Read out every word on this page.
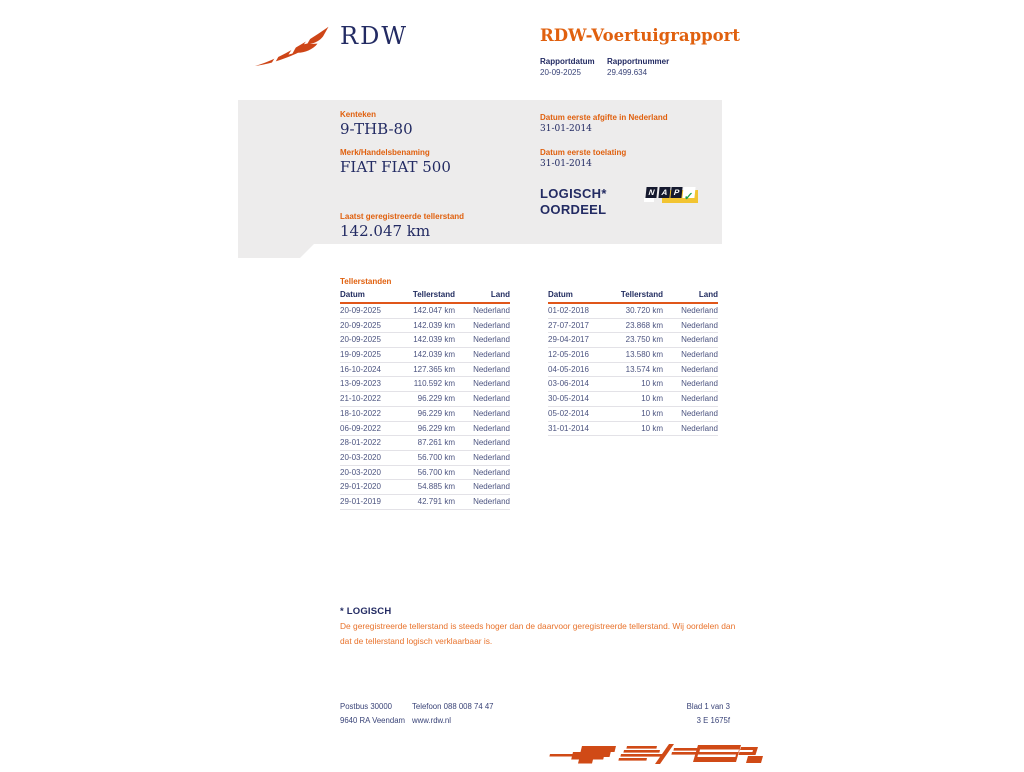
RDW	RDW-Voertuigrapport
Rapportdatum Rapportnummer
20-09-2025	29.499.634
Kenteken
9-THB-80
Merk/Handelsbenaming
FIAT FIAT 500
Laatst geregistreerde tellerstand
142.047 km
Datum eerste afgifte in Nederland
31-01-2014
Datum eerste toelating
31-01-2014
LOGISCH*
OORDEEL
N A P ✓
Tellerstanden
Datum	Tellerstand	Land
20-09-2025	142.047 km	Nederland
20-09-2025	142.039 km	Nederland
20-09-2025	142.039 km	Nederland
19-09-2025	142.039 km	Nederland
16-10-2024	127.365 km	Nederland
13-09-2023	110.592 km	Nederland
21-10-2022	96.229 km	Nederland
18-10-2022	96.229 km	Nederland
06-09-2022	96.229 km	Nederland
28-01-2022	87.261 km	Nederland
20-03-2020	56.700 km	Nederland
20-03-2020	56.700 km	Nederland
29-01-2020	54.885 km	Nederland
29-01-2019	42.791 km	Nederland
Datum	Tellerstand	Land
01-02-2018	30.720 km	Nederland
27-07-2017	23.868 km	Nederland
29-04-2017	23.750 km	Nederland
12-05-2016	13.580 km	Nederland
04-05-2016	13.574 km	Nederland
03-06-2014	10 km	Nederland
30-05-2014	10 km	Nederland
05-02-2014	10 km	Nederland
31-01-2014	10 km	Nederland
* LOGISCH
De geregistreerde tellerstand is steeds hoger dan de daarvoor geregistreerde tellerstand. Wij oordelen dan dat de tellerstand logisch verklaarbaar is.
Postbus 30000
9640 RA Veendam
Telefoon 088 008 74 47
www.rdw.nl
Blad 1 van 3
3 E 1675f
